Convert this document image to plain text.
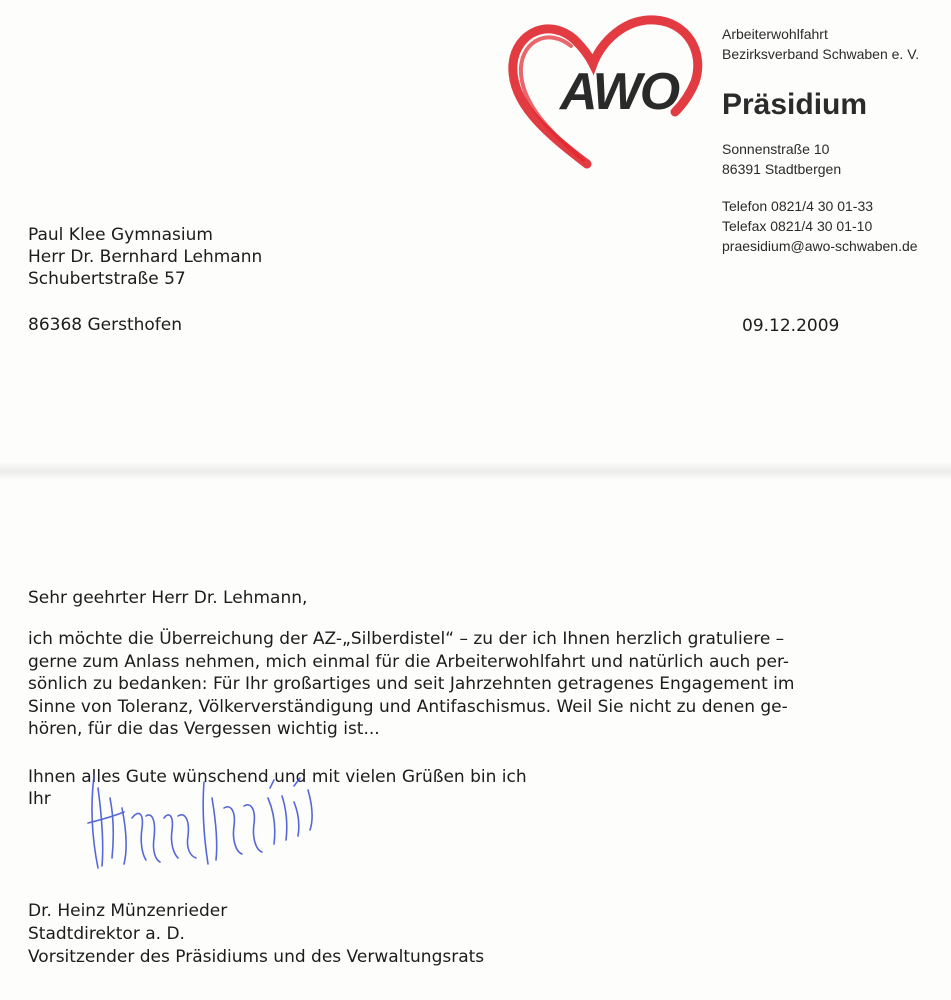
AWO
Arbeiterwohlfahrt
Bezirksverband Schwaben e. V.
Präsidium
Sonnenstraße 10
86391 Stadtbergen
Telefon 0821/4 30 01-33
Telefax 0821/4 30 01-10
praesidium@awo-schwaben.de
09.12.2009
Paul Klee Gymnasium
Herr Dr. Bernhard Lehmann
Schubertstraße 57
86368 Gersthofen
Sehr geehrter Herr Dr. Lehmann,
ich möchte die Überreichung der AZ-„Silberdistel“ – zu der ich Ihnen herzlich gratuliere –
gerne zum Anlass nehmen, mich einmal für die Arbeiterwohlfahrt und natürlich auch per-
sönlich zu bedanken: Für Ihr großartiges und seit Jahrzehnten getragenes Engagement im
Sinne von Toleranz, Völkerverständigung und Antifaschismus. Weil Sie nicht zu denen ge-
hören, für die das Vergessen wichtig ist...
Ihnen alles Gute wünschend und mit vielen Grüßen bin ich
Ihr
Dr. Heinz Münzenrieder
Stadtdirektor a. D.
Vorsitzender des Präsidiums und des Verwaltungsrats
